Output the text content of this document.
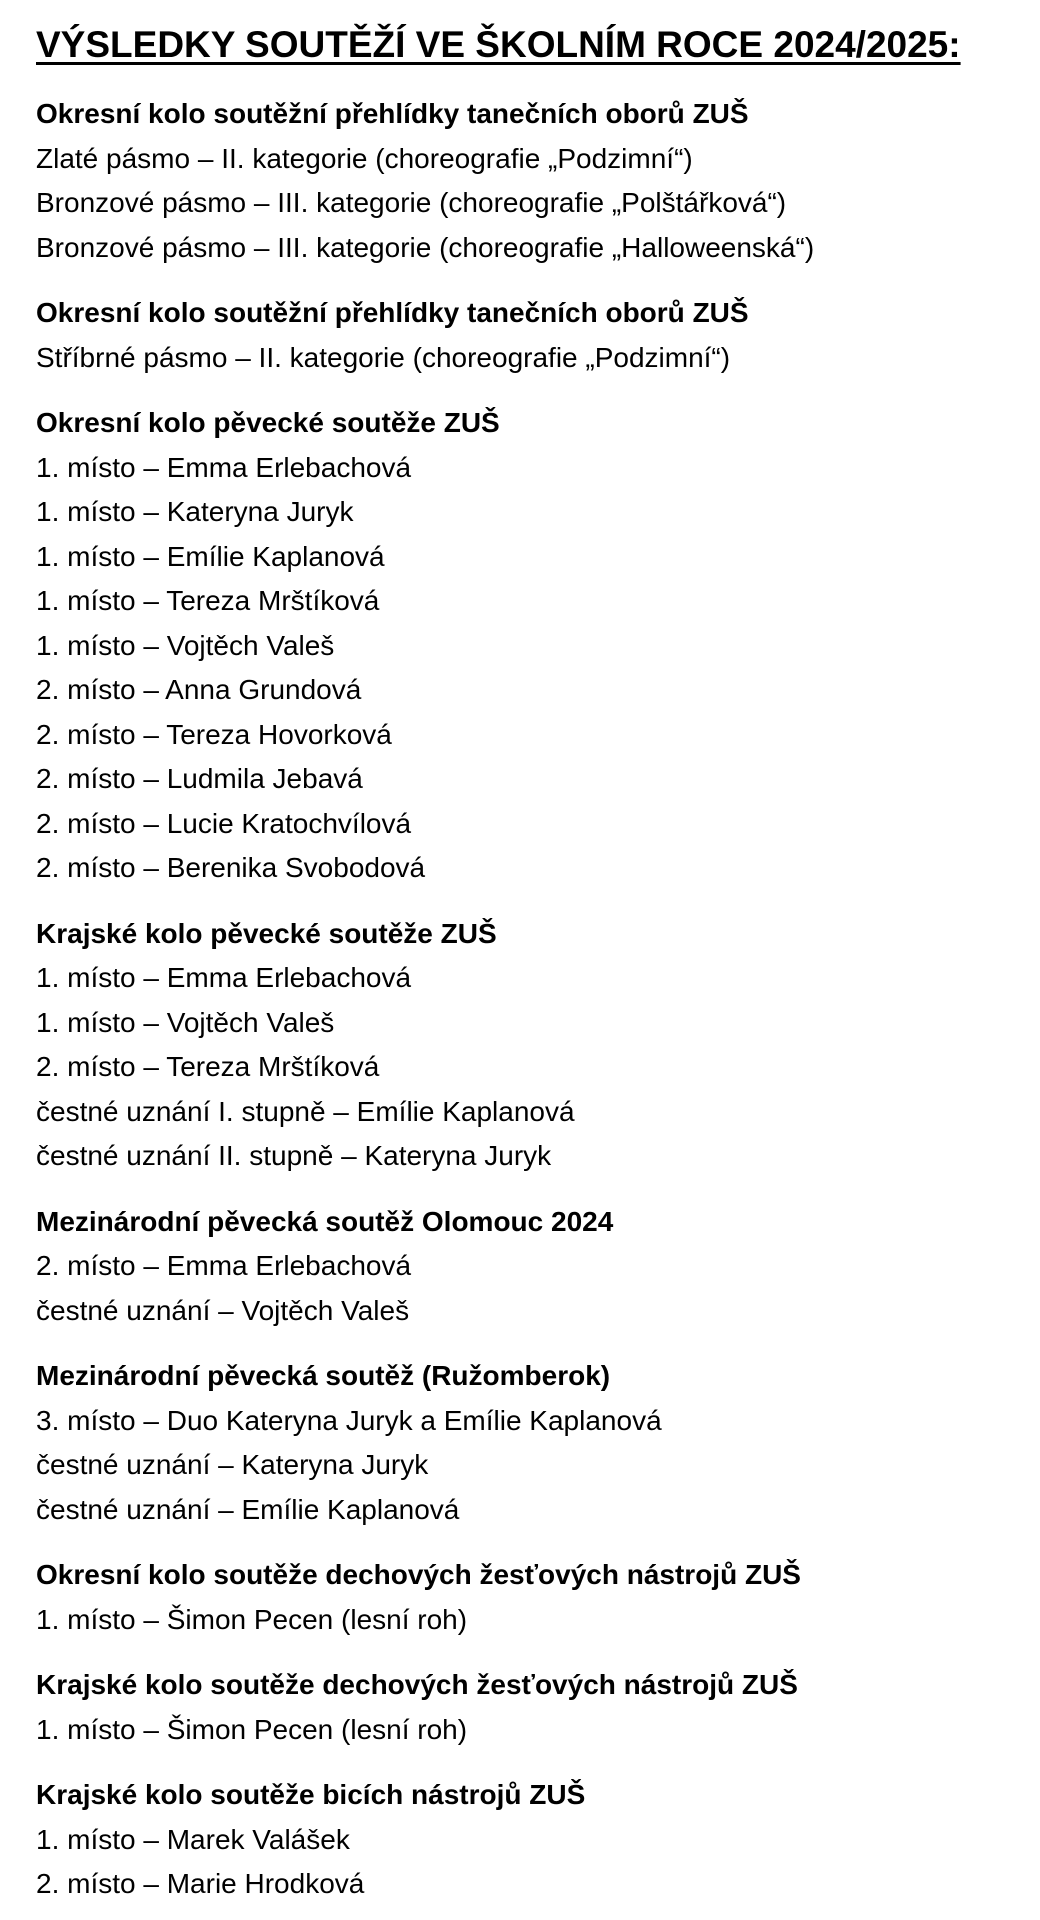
VÝSLEDKY SOUTĚŽÍ VE ŠKOLNÍM ROCE 2024/2025:
Okresní kolo soutěžní přehlídky tanečních oborů ZUŠ
Zlaté pásmo – II. kategorie (choreografie „Podzimní“)
Bronzové pásmo – III. kategorie (choreografie „Polštářková“)
Bronzové pásmo – III. kategorie (choreografie „Halloweenská“)
Okresní kolo soutěžní přehlídky tanečních oborů ZUŠ
Stříbrné pásmo – II. kategorie (choreografie „Podzimní“)
Okresní kolo pěvecké soutěže ZUŠ
1. místo – Emma Erlebachová
1. místo – Kateryna Juryk
1. místo – Emílie Kaplanová
1. místo – Tereza Mrštíková
1. místo – Vojtěch Valeš
2. místo – Anna Grundová
2. místo – Tereza Hovorková
2. místo – Ludmila Jebavá
2. místo – Lucie Kratochvílová
2. místo – Berenika Svobodová
Krajské kolo pěvecké soutěže ZUŠ
1. místo – Emma Erlebachová
1. místo – Vojtěch Valeš
2. místo – Tereza Mrštíková
čestné uznání I. stupně – Emílie Kaplanová
čestné uznání II. stupně – Kateryna Juryk
Mezinárodní pěvecká soutěž Olomouc 2024
2. místo – Emma Erlebachová
čestné uznání – Vojtěch Valeš
Mezinárodní pěvecká soutěž (Ružomberok)
3. místo – Duo Kateryna Juryk a Emílie Kaplanová
čestné uznání – Kateryna Juryk
čestné uznání – Emílie Kaplanová
Okresní kolo soutěže dechových žesťových nástrojů ZUŠ
1. místo – Šimon Pecen (lesní roh)
Krajské kolo soutěže dechových žesťových nástrojů ZUŠ
1. místo – Šimon Pecen (lesní roh)
Krajské kolo soutěže bicích nástrojů ZUŠ
1. místo – Marek Valášek
2. místo – Marie Hrodková
